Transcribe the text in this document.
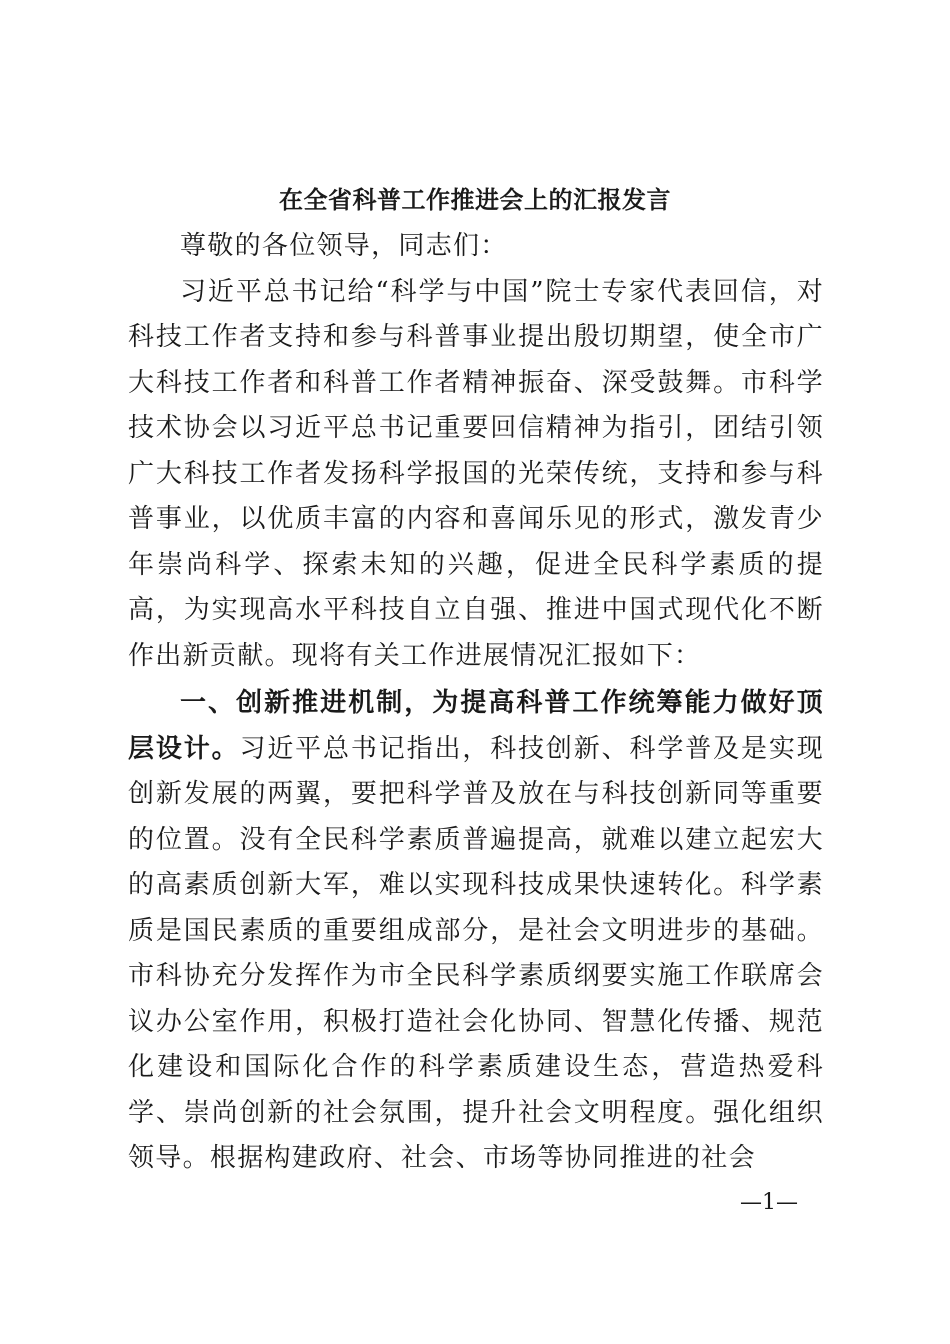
在全省科普工作推进会上的汇报发言

尊敬的各位领导，同志们：

习近平总书记给“科学与中国”院士专家代表回信，对科技工作者支持和参与科普事业提出殷切期望，使全市广大科技工作者和科普工作者精神振奋、深受鼓舞。市科学技术协会以习近平总书记重要回信精神为指引，团结引领广大科技工作者发扬科学报国的光荣传统，支持和参与科普事业，以优质丰富的内容和喜闻乐见的形式，激发青少年崇尚科学、探索未知的兴趣，促进全民科学素质的提高，为实现高水平科技自立自强、推进中国式现代化不断作出新贡献。现将有关工作进展情况汇报如下：

一、创新推进机制，为提高科普工作统筹能力做好顶层设计。习近平总书记指出，科技创新、科学普及是实现创新发展的两翼，要把科学普及放在与科技创新同等重要的位置。没有全民科学素质普遍提高，就难以建立起宏大的高素质创新大军，难以实现科技成果快速转化。科学素质是国民素质的重要组成部分，是社会文明进步的基础。市科协充分发挥作为市全民科学素质纲要实施工作联席会议办公室作用，积极打造社会化协同、智慧化传播、规范化建设和国际化合作的科学素质建设生态，营造热爱科学、崇尚创新的社会氛围，提升社会文明程度。强化组织领导。根据构建政府、社会、市场等协同推进的社会

—1—
